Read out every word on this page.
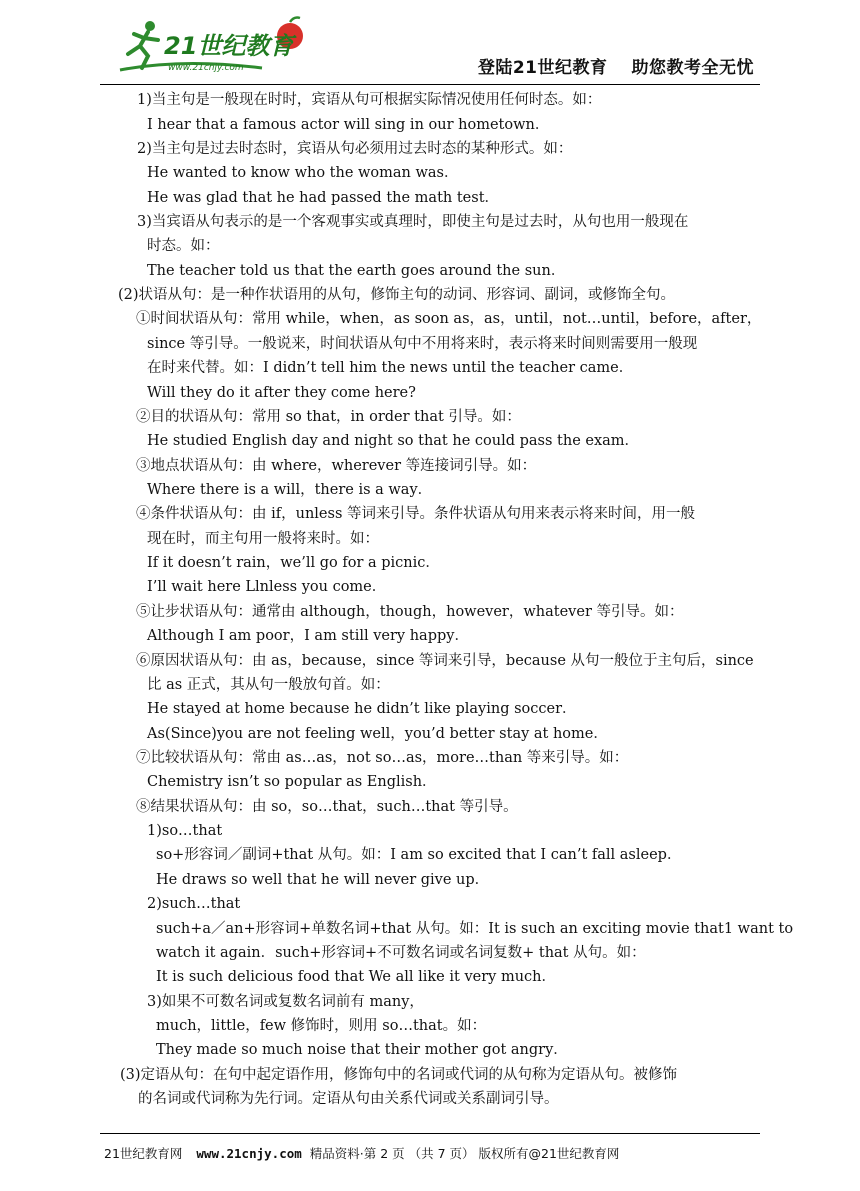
21世纪教育
www.21cnjy.com	登陆21世纪教育 助您教考全无忧
1)当主句是一般现在时时，宾语从句可根据实际情况使用任何时态。如：
I hear that a famous actor will sing in our hometown．
2)当主句是过去时态时，宾语从句必须用过去时态的某种形式。如：
He wanted to know who the woman was．
He was glad that he had passed the math test．
3)当宾语从句表示的是一个客观事实或真理时，即使主句是过去时，从句也用一般现在
时态。如：
The teacher told us that the earth goes around the sun．
(2)状语从句：是一种作状语用的从句，修饰主句的动词、形容词、副词，或修饰全句。
①时间状语从句：常用 while，when，as soon as，as，until，not…until，before，after，
since 等引导。一般说来，时间状语从句中不用将来时，表示将来时间则需要用一般现
在时来代替。如：I didn’t tell him the news until the teacher came．
Will they do it after they come here?
②目的状语从句：常用 so that，in order that 引导。如：
He studied English day and night so that he could pass the exam．
③地点状语从句：由 where，wherever 等连接词引导。如：
Where there is a will，there is a way．
④条件状语从句：由 if，unless 等词来引导。条件状语从句用来表示将来时间，用一般
现在时，而主句用一般将来时。如：
If it doesn’t rain，we’ll go for a picnic．
I’ll wait here Llnless you come．
⑤让步状语从句：通常由 although，though，however，whatever 等引导。如：
Although I am poor，I am still very happy．
⑥原因状语从句：由 as，because，since 等词来引导，because 从句一般位于主句后，since
比 as 正式，其从句一般放句首。如：
He stayed at home because he didn’t like playing soccer．
As(Since)you are not feeling well，you’d better stay at home．
⑦比较状语从句：常由 as…as，not so…as，more…than 等来引导。如：
Chemistry isn’t so popular as English．
⑧结果状语从句：由 so，so…that，such…that 等引导。
1)so…that
so+形容词／副词+that 从句。如：I am so excited that I can’t fall asleep．
He draws so well that he will never give up．
2)such…that
such+a／an+形容词+单数名词+that 从句。如：It is such an exciting movie that1 want to
watch it again．such+形容词+不可数名词或名词复数+ that 从句。如：
It is such delicious food that We all like it very much．
3)如果不可数名词或复数名词前有 many，
much，little，few 修饰时，则用 so…that。如：
They made so much noise that their mother got angry．
(3)定语从句：在句中起定语作用，修饰句中的名词或代词的从句称为定语从句。被修饰
的名词或代词称为先行词。定语从句由关系代词或关系副词引导。
21世纪教育网 www.21cnjy.com 精品资料·第 2 页 （共 7 页） 版权所有@21世纪教育网
